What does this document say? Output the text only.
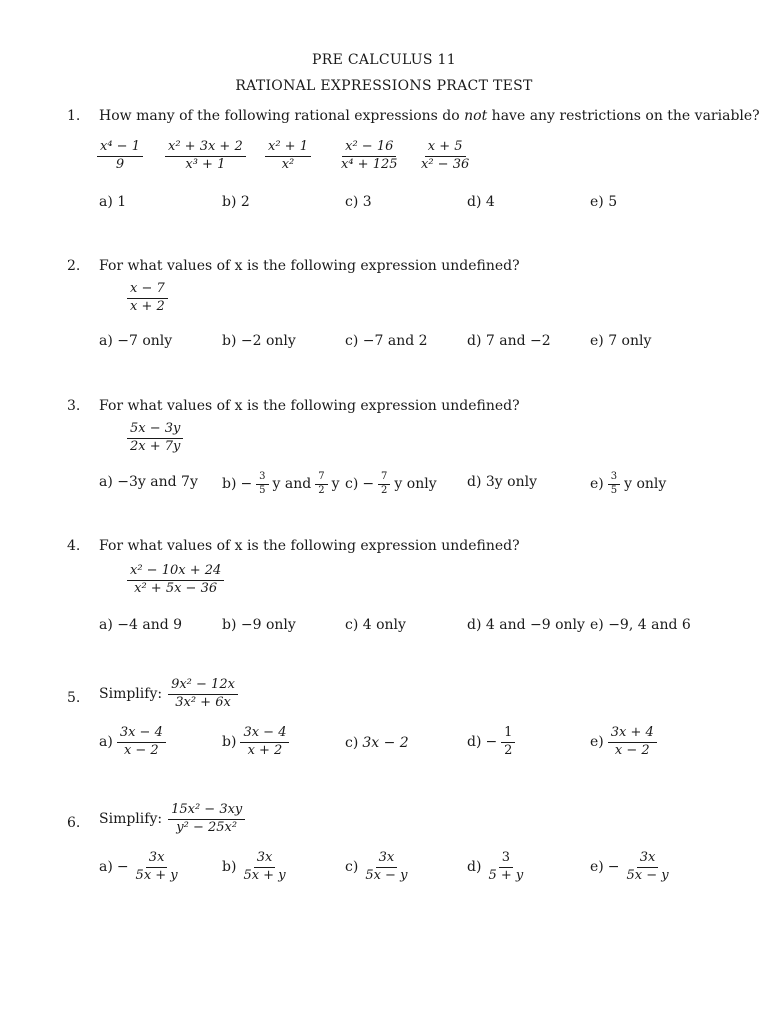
PRE CALCULUS 11
RATIONAL EXPRESSIONS PRACT TEST
1. How many of the following rational expressions do not have any restrictions on the variable?
$\frac{\text{x⁴ − 1}}{9} \frac{\text{x² + 3x + 2}}{\text{x³ + 1}} \frac{\text{x² + 1}}{\text{x²}} \frac{\text{x² − 16}}{\text{x⁴ + 125}} \frac{x + 5}{\text{x² − 36}}$
a) 1	b) 2	c) 3	d) 4	e) 5
2. For what values of x is the following expression undefined?
$\frac{x - 7}{x + 2}$
a) −7 only	b) −2 only	c) −7 and 2	d) 7 and −2	e) 7 only
3. For what values of x is the following expression undefined?
$\frac{5x - 3y}{2x + 7y}$
a) −3y and 7y $b) - \frac{3}{5}$ y and $\frac{7}{2}$ y $c) - \frac{7}{2}$ y only d) 3y only	$e) \frac{3}{5}$ y only
4. For what values of x is the following expression undefined?
$\frac{\text{x² − 10x + 24}}{\text{x² + 5x − 36}}$
a) −4 and 9	b) −9 only	c) 4 only	d) 4 and −9 only e) −9, 4 and 6
5. Simplify: $\frac{\text{9x² − 12x}}{\text{3x² + 6x}}$
$a) \frac{3x - 4}{x - 2}$	$b) \frac{3x - 4}{x + 2}$	c) 3x − 2	$d) - \frac{1}{2}$	$e) \frac{3x + 4}{x - 2}$
6. Simplify: $\frac{\text{15x² − 3xy}}{\text{y² − 25x²}}$
$a) - \frac{3x}{5x + y}$	$b) \frac{3x}{5x + y}$	$c) \frac{3x}{5x - y}$	$d) \frac{3}{5 + y}$	$e) - \frac{3x}{5x - y}$
